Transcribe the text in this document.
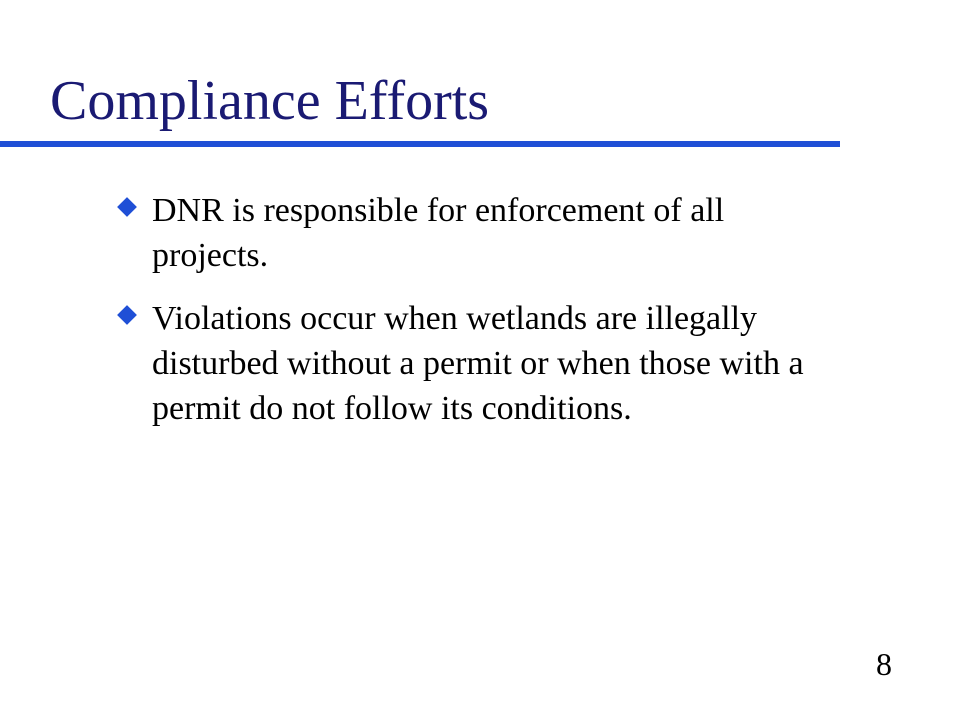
Compliance Efforts
DNR is responsible for enforcement of all projects.
Violations occur when wetlands are illegally disturbed without a permit or when those with a permit do not follow its conditions.
8
